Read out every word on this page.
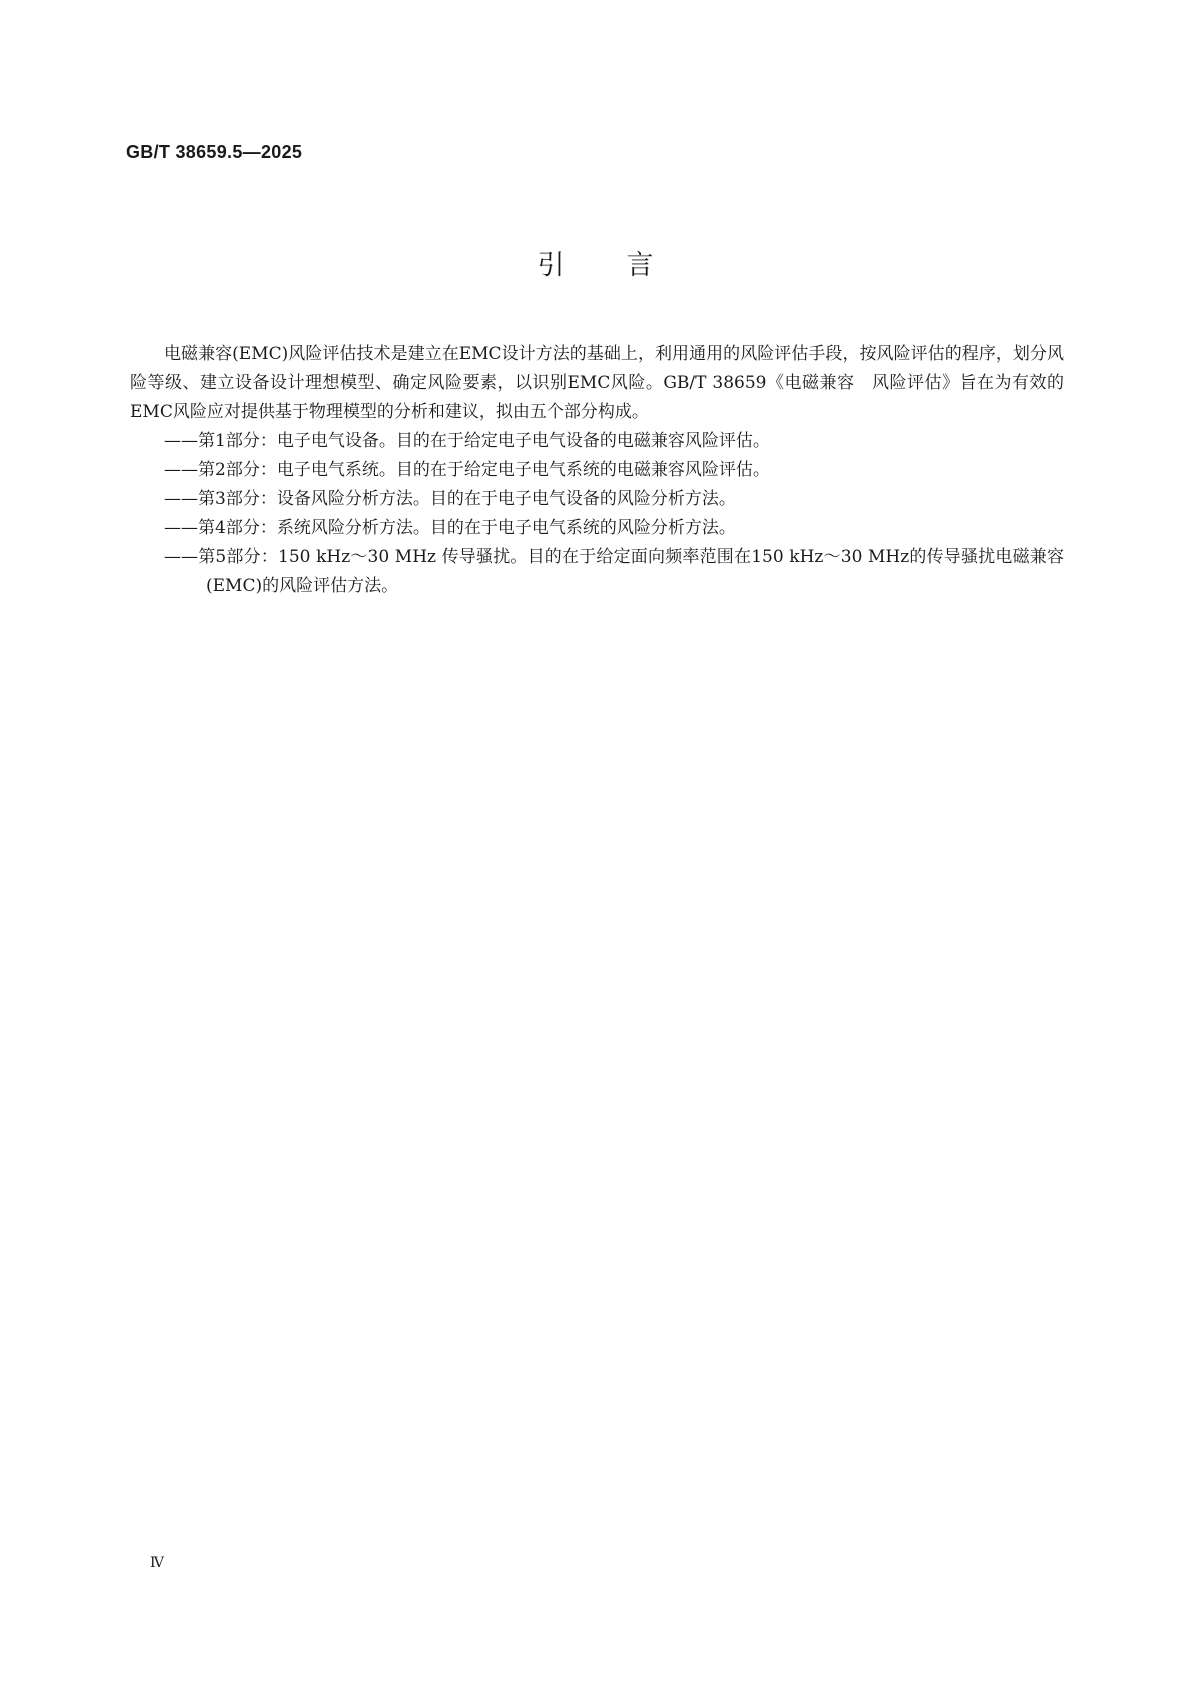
GB/T 38659.5—2025
引言

电磁兼容(EMC)风险评估技术是建立在EMC设计方法的基础上，利用通用的风险评估手段，按风险评估的程序，划分风险等级、建立设备设计理想模型、确定风险要素，以识别EMC风险。GB/T 38659《电磁兼容　风险评估》旨在为有效的EMC风险应对提供基于物理模型的分析和建议，拟由五个部分构成。

——第1部分：电子电气设备。目的在于给定电子电气设备的电磁兼容风险评估。
——第2部分：电子电气系统。目的在于给定电子电气系统的电磁兼容风险评估。
——第3部分：设备风险分析方法。目的在于电子电气设备的风险分析方法。
——第4部分：系统风险分析方法。目的在于电子电气系统的风险分析方法。
——第5部分：150 kHz～30 MHz 传导骚扰。目的在于给定面向频率范围在150 kHz～30 MHz的传导骚扰电磁兼容(EMC)的风险评估方法。
Ⅳ
